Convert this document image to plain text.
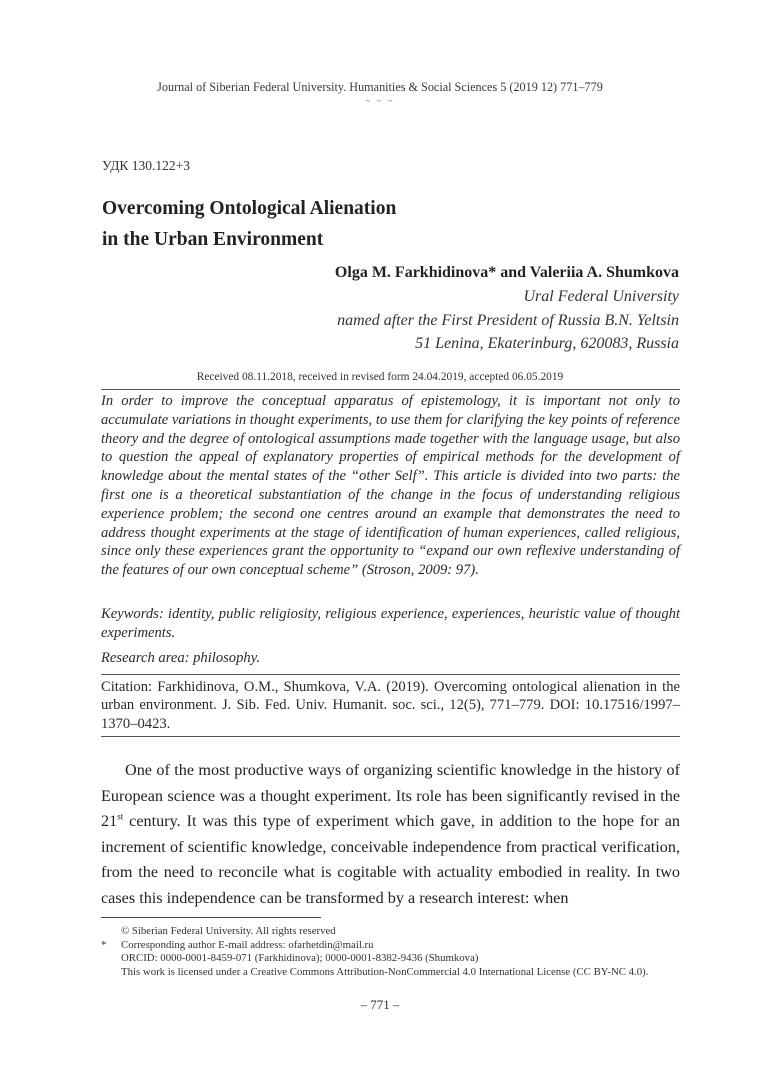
Journal of Siberian Federal University. Humanities & Social Sciences 5 (2019 12) 771–779
~ ~ ~
УДК 130.122+3
Overcoming Ontological Alienation
in the Urban Environment
Olga M. Farkhidinova* and Valeriia A. Shumkova
Ural Federal University
named after the First President of Russia B.N. Yeltsin
51 Lenina, Ekaterinburg, 620083, Russia
Received 08.11.2018, received in revised form 24.04.2019, accepted 06.05.2019
In order to improve the conceptual apparatus of epistemology, it is important not only to accumulate variations in thought experiments, to use them for clarifying the key points of reference theory and the degree of ontological assumptions made together with the language usage, but also to question the appeal of explanatory properties of empirical methods for the development of knowledge about the mental states of the “other Self”. This article is divided into two parts: the first one is a theoretical substantiation of the change in the focus of understanding religious experience problem; the second one centres around an example that demonstrates the need to address thought experiments at the stage of identification of human experiences, called religious, since only these experiences grant the opportunity to “expand our own reflexive understanding of the features of our own conceptual scheme” (Stroson, 2009: 97).
Keywords: identity, public religiosity, religious experience, experiences, heuristic value of thought experiments.
Research area: philosophy.
Citation: Farkhidinova, O.M., Shumkova, V.A. (2019). Overcoming ontological alienation in the urban environment. J. Sib. Fed. Univ. Humanit. soc. sci., 12(5), 771–779. DOI: 10.17516/1997–1370–0423.

One of the most productive ways of organizing scientific knowledge in the history of European science was a thought experiment. Its role has been significantly revised in the 21st century. It was this type of experiment which gave, in addition to the hope for an increment of scientific knowledge, conceivable independence from practical verification, from the need to reconcile what is cogitable with actuality embodied in reality. In two cases this independence can be transformed by a research interest: when

© Siberian Federal University. All rights reserved
* Corresponding author E-mail address: ofarhetdin@mail.ru
ORCID: 0000-0001-8459-071 (Farkhidinova); 0000-0001-8382-9436 (Shumkova)
This work is licensed under a Creative Commons Attribution-NonCommercial 4.0 International License (CC BY-NC 4.0).
– 771 –
